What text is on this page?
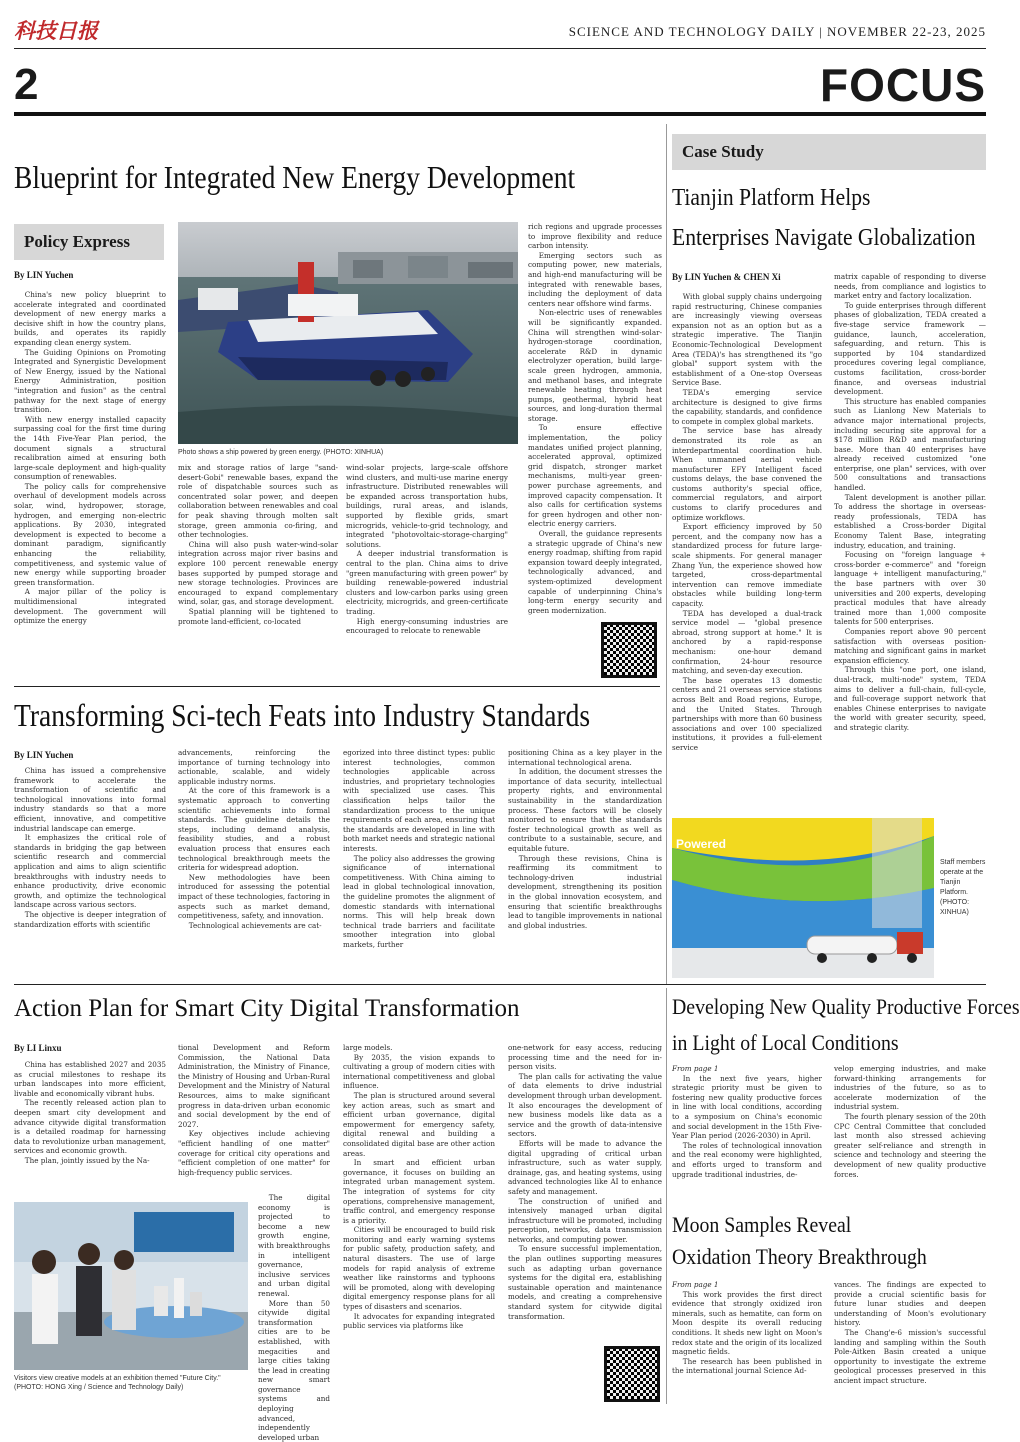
科技日报	SCIENCE AND TECHNOLOGY DAILY | NOVEMBER 22-23, 2025
2	FOCUS
Blueprint for Integrated New Energy Development
Policy Express
By LIN Yuchen

China's new policy blueprint to accelerate integrated and coordinated development of new energy marks a decisive shift in how the country plans, builds, and operates its rapidly expanding clean energy system.

The Guiding Opinions on Promoting Integrated and Synergistic Development of New Energy, issued by the National Energy Administration, position "integration and fusion" as the central pathway for the next stage of energy transition.

With new energy installed capacity surpassing coal for the first time during the 14th Five-Year Plan period, the document signals a structural recalibration aimed at ensuring both large-scale deployment and high-quality consumption of renewables.

The policy calls for comprehensive overhaul of development models across solar, wind, hydropower, storage, hydrogen, and emerging non-electric applications. By 2030, integrated development is expected to become a dominant paradigm, significantly enhancing the reliability, competitiveness, and systemic value of new energy while supporting broader green transformation.

A major pillar of the policy is multidimensional integrated development. The government will optimize the energy

Photo shows a ship powered by green energy. (PHOTO: XINHUA)

mix and storage ratios of large "sand-desert-Gobi" renewable bases, expand the role of dispatchable sources such as concentrated solar power, and deepen collaboration between renewables and coal for peak shaving through molten salt storage, green ammonia co-firing, and other technologies.

China will also push water-wind-solar integration across major river basins and explore 100 percent renewable energy bases supported by pumped storage and new storage technologies. Provinces are encouraged to expand complementary wind, solar, gas, and storage development.

Spatial planning will be tightened to promote land-efficient, co-located

wind-solar projects, large-scale offshore wind clusters, and multi-use marine energy infrastructure. Distributed renewables will be expanded across transportation hubs, buildings, rural areas, and islands, supported by flexible grids, smart microgrids, vehicle-to-grid technology, and integrated "photovoltaic-storage-charging" solutions.

A deeper industrial transformation is central to the plan. China aims to drive "green manufacturing with green power" by building renewable-powered industrial clusters and low-carbon parks using green electricity, microgrids, and green-certificate trading.

High energy-consuming industries are encouraged to relocate to renewable

rich regions and upgrade processes to improve flexibility and reduce carbon intensity.

Emerging sectors such as computing power, new materials, and high-end manufacturing will be integrated with renewable bases, including the deployment of data centers near offshore wind farms.

Non-electric uses of renewables will be significantly expanded. China will strengthen wind-solar-hydrogen-storage coordination, accelerate R&D in dynamic electrolyzer operation, build large-scale green hydrogen, ammonia, and methanol bases, and integrate renewable heating through heat pumps, geothermal, hybrid heat sources, and long-duration thermal storage.

To ensure effective implementation, the policy mandates unified project planning, accelerated approval, optimized grid dispatch, stronger market mechanisms, multi-year green-power purchase agreements, and improved capacity compensation. It also calls for certification systems for green hydrogen and other non-electric energy carriers.

Overall, the guidance represents a strategic upgrade of China's new energy roadmap, shifting from rapid expansion toward deeply integrated, technologically advanced, and system-optimized development capable of underpinning China's long-term energy security and green modernization.

Transforming Sci-tech Feats into Industry Standards
By LIN Yuchen

China has issued a comprehensive framework to accelerate the transformation of scientific and technological innovations into formal industry standards so that a more efficient, innovative, and competitive industrial landscape can emerge.

It emphasizes the critical role of standards in bridging the gap between scientific research and commercial application and aims to align scientific breakthroughs with industry needs to enhance productivity, drive economic growth, and optimize the technological landscape across various sectors.

The objective is deeper integration of standardization efforts with scientific

advancements, reinforcing the importance of turning technology into actionable, scalable, and widely applicable industry norms.

At the core of this framework is a systematic approach to converting scientific achievements into formal standards. The guideline details the steps, including demand analysis, feasibility studies, and a robust evaluation process that ensures each technological breakthrough meets the criteria for widespread adoption.

New methodologies have been introduced for assessing the potential impact of these technologies, factoring in aspects such as market demand, competitiveness, safety, and innovation.

Technological achievements are cat-

egorized into three distinct types: public interest technologies, common technologies applicable across industries, and proprietary technologies with specialized use cases. This classification helps tailor the standardization process to the unique requirements of each area, ensuring that the standards are developed in line with both market needs and strategic national interests.

The policy also addresses the growing significance of international competitiveness. With China aiming to lead in global technological innovation, the guideline promotes the alignment of domestic standards with international norms. This will help break down technical trade barriers and facilitate smoother integration into global markets, further

positioning China as a key player in the international technological arena.

In addition, the document stresses the importance of data security, intellectual property rights, and environmental sustainability in the standardization process. These factors will be closely monitored to ensure that the standards foster technological growth as well as contribute to a sustainable, secure, and equitable future.

Through these revisions, China is reaffirming its commitment to technology-driven industrial development, strengthening its position in the global innovation ecosystem, and ensuring that scientific breakthroughs lead to tangible improvements in national and global industries.

Case Study
Tianjin Platform Helps
Enterprises Navigate Globalization
By LIN Yuchen & CHEN Xi

With global supply chains undergoing rapid restructuring, Chinese companies are increasingly viewing overseas expansion not as an option but as a strategic imperative. The Tianjin Economic-Technological Development Area (TEDA)'s has strengthened its "go global" support system with the establishment of a One-stop Overseas Service Base.

TEDA's emerging service architecture is designed to give firms the capability, standards, and confidence to compete in complex global markets.

The service base has already demonstrated its role as an interdepartmental coordination hub. When unmanned aerial vehicle manufacturer EFY Intelligent faced customs delays, the base convened the customs authority's special office, commercial regulators, and airport customs to clarify procedures and optimize workflows.

Export efficiency improved by 50 percent, and the company now has a standardized process for future large-scale shipments. For general manager Zhang Yun, the experience showed how targeted, cross-departmental intervention can remove immediate obstacles while building long-term capacity.

TEDA has developed a dual-track service model — "global presence abroad, strong support at home." It is anchored by a rapid-response mechanism: one-hour demand confirmation, 24-hour resource matching, and seven-day execution.

The base operates 13 domestic centers and 21 overseas service stations across Belt and Road regions, Europe, and the United States. Through partnerships with more than 60 business associations and over 100 specialized institutions, it provides a full-element service

matrix capable of responding to diverse needs, from compliance and logistics to market entry and factory localization.

To guide enterprises through different phases of globalization, TEDA created a five-stage service framework — guidance, launch, acceleration, safeguarding, and return. This is supported by 104 standardized procedures covering legal compliance, customs facilitation, cross-border finance, and overseas industrial development.

This structure has enabled companies such as Lianlong New Materials to advance major international projects, including securing site approval for a $178 million R&D and manufacturing base. More than 40 enterprises have already received customized "one enterprise, one plan" services, with over 500 consultations and transactions handled.

Talent development is another pillar. To address the shortage in overseas-ready professionals, TEDA has established a Cross-border Digital Economy Talent Base, integrating industry, education, and training.

Focusing on "foreign language + cross-border e-commerce" and "foreign language + intelligent manufacturing," the base partners with over 30 universities and 200 experts, developing practical modules that have already trained more than 1,000 composite talents for 500 enterprises.

Companies report above 90 percent satisfaction with overseas position-matching and significant gains in market expansion efficiency.

Through this "one port, one island, dual-track, multi-node" system, TEDA aims to deliver a full-chain, full-cycle, and full-coverage support network that enables Chinese enterprises to navigate the world with greater security, speed, and strategic clarity.

Powered
Staff members operate at the Tianjin Platform. (PHOTO: XINHUA)
Action Plan for Smart City Digital Transformation
By LI Linxu

China has established 2027 and 2035 as crucial milestones to reshape its urban landscapes into more efficient, livable and economically vibrant hubs.

The recently released action plan to deepen smart city development and advance citywide digital transformation is a detailed roadmap for harnessing data to revolutionize urban management, services and economic growth.

The plan, jointly issued by the Na-

tional Development and Reform Commission, the National Data Administration, the Ministry of Finance, the Ministry of Housing and Urban-Rural Development and the Ministry of Natural Resources, aims to make significant progress in data-driven urban economic and social development by the end of 2027.

Key objectives include achieving "efficient handling of one matter" coverage for critical city operations and "efficient completion of one matter" for high-frequency public services.

The digital economy is projected to become a new growth engine, with breakthroughs in intelligent governance, inclusive services and urban digital renewal.

More than 50 citywide digital transformation cities are to be established, with megacities and large cities taking the lead in creating new smart governance systems and deploying advanced, independently developed urban

Visitors view creative models at an exhibition themed "Future City." (PHOTO: HONG Xing / Science and Technology Daily)

large models.

By 2035, the vision expands to cultivating a group of modern cities with international competitiveness and global influence.

The plan is structured around several key action areas, such as smart and efficient urban governance, digital empowerment for emergency safety, digital renewal and building a consolidated digital base are other action areas.

In smart and efficient urban governance, it focuses on building an integrated urban management system. The integration of systems for city operations, comprehensive management, traffic control, and emergency response is a priority.

Cities will be encouraged to build risk monitoring and early warning systems for public safety, production safety, and natural disasters. The use of large models for rapid analysis of extreme weather like rainstorms and typhoons will be promoted, along with developing digital emergency response plans for all types of disasters and scenarios.

It advocates for expanding integrated public services via platforms like

one-network for easy access, reducing processing time and the need for in-person visits.

The plan calls for activating the value of data elements to drive industrial development through urban development. It also encourages the development of new business models like data as a service and the growth of data-intensive sectors.

Efforts will be made to advance the digital upgrading of critical urban infrastructure, such as water supply, drainage, gas, and heating systems, using advanced technologies like AI to enhance safety and management.

The construction of unified and intensively managed urban digital infrastructure will be promoted, including perception, networks, data transmission networks, and computing power.

To ensure successful implementation, the plan outlines supporting measures such as adapting urban governance systems for the digital era, establishing sustainable operation and maintenance models, and creating a comprehensive standard system for citywide digital transformation.

Developing New Quality Productive Forces
in Light of Local Conditions

From page 1

In the next five years, higher strategic priority must be given to fostering new quality productive forces in line with local conditions, according to a symposium on China's economic and social development in the 15th Five-Year Plan period (2026-2030) in April.

The roles of technological innovation and the real economy were highlighted, and efforts urged to transform and upgrade traditional industries, de-

velop emerging industries, and make forward-thinking arrangements for industries of the future, so as to accelerate modernization of the industrial system.

The fourth plenary session of the 20th CPC Central Committee that concluded last month also stressed achieving greater self-reliance and strength in science and technology and steering the development of new quality productive forces.

Moon Samples Reveal
Oxidation Theory Breakthrough

From page 1

This work provides the first direct evidence that strongly oxidized iron minerals, such as hematite, can form on Moon despite its overall reducing conditions. It sheds new light on Moon's redox state and the origin of its localized magnetic fields.

The research has been published in the international journal Science Ad-

vances. The findings are expected to provide a crucial scientific basis for future lunar studies and deepen understanding of Moon's evolutionary history.

The Chang'e-6 mission's successful landing and sampling within the South Pole-Aitken Basin created a unique opportunity to investigate the extreme geological processes preserved in this ancient impact structure.
